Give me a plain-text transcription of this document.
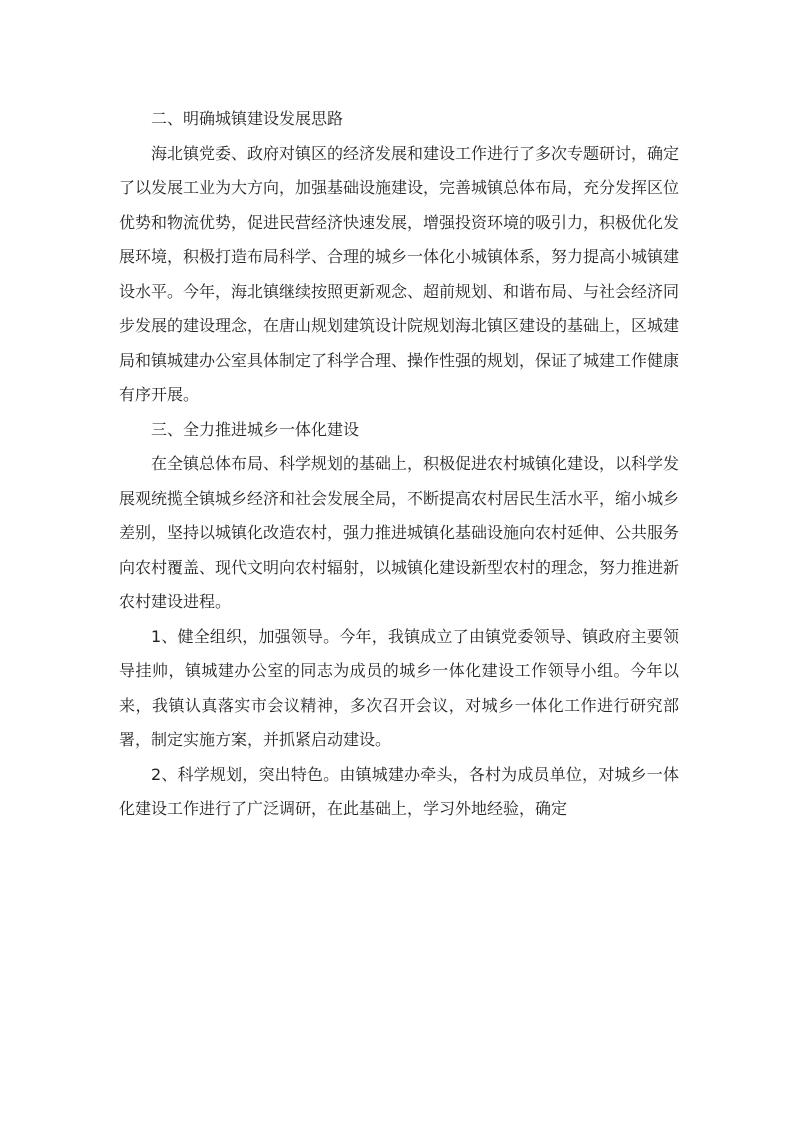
二、明确城镇建设发展思路

海北镇党委、政府对镇区的经济发展和建设工作进行了多次专题研讨，确定了以发展工业为大方向，加强基础设施建设，完善城镇总体布局，充分发挥区位优势和物流优势，促进民营经济快速发展，增强投资环境的吸引力，积极优化发展环境，积极打造布局科学、合理的城乡一体化小城镇体系，努力提高小城镇建设水平。今年，海北镇继续按照更新观念、超前规划、和谐布局、与社会经济同步发展的建设理念，在唐山规划建筑设计院规划海北镇区建设的基础上，区城建局和镇城建办公室具体制定了科学合理、操作性强的规划，保证了城建工作健康有序开展。

三、全力推进城乡一体化建设

在全镇总体布局、科学规划的基础上，积极促进农村城镇化建设，以科学发展观统揽全镇城乡经济和社会发展全局，不断提高农村居民生活水平，缩小城乡差别，坚持以城镇化改造农村，强力推进城镇化基础设施向农村延伸、公共服务向农村覆盖、现代文明向农村辐射，以城镇化建设新型农村的理念，努力推进新农村建设进程。

1、健全组织，加强领导。今年，我镇成立了由镇党委领导、镇政府主要领导挂帅，镇城建办公室的同志为成员的城乡一体化建设工作领导小组。今年以来，我镇认真落实市会议精神，多次召开会议，对城乡一体化工作进行研究部署，制定实施方案，并抓紧启动建设。

2、科学规划，突出特色。由镇城建办牵头，各村为成员单位，对城乡一体化建设工作进行了广泛调研，在此基础上，学习外地经验，确定
